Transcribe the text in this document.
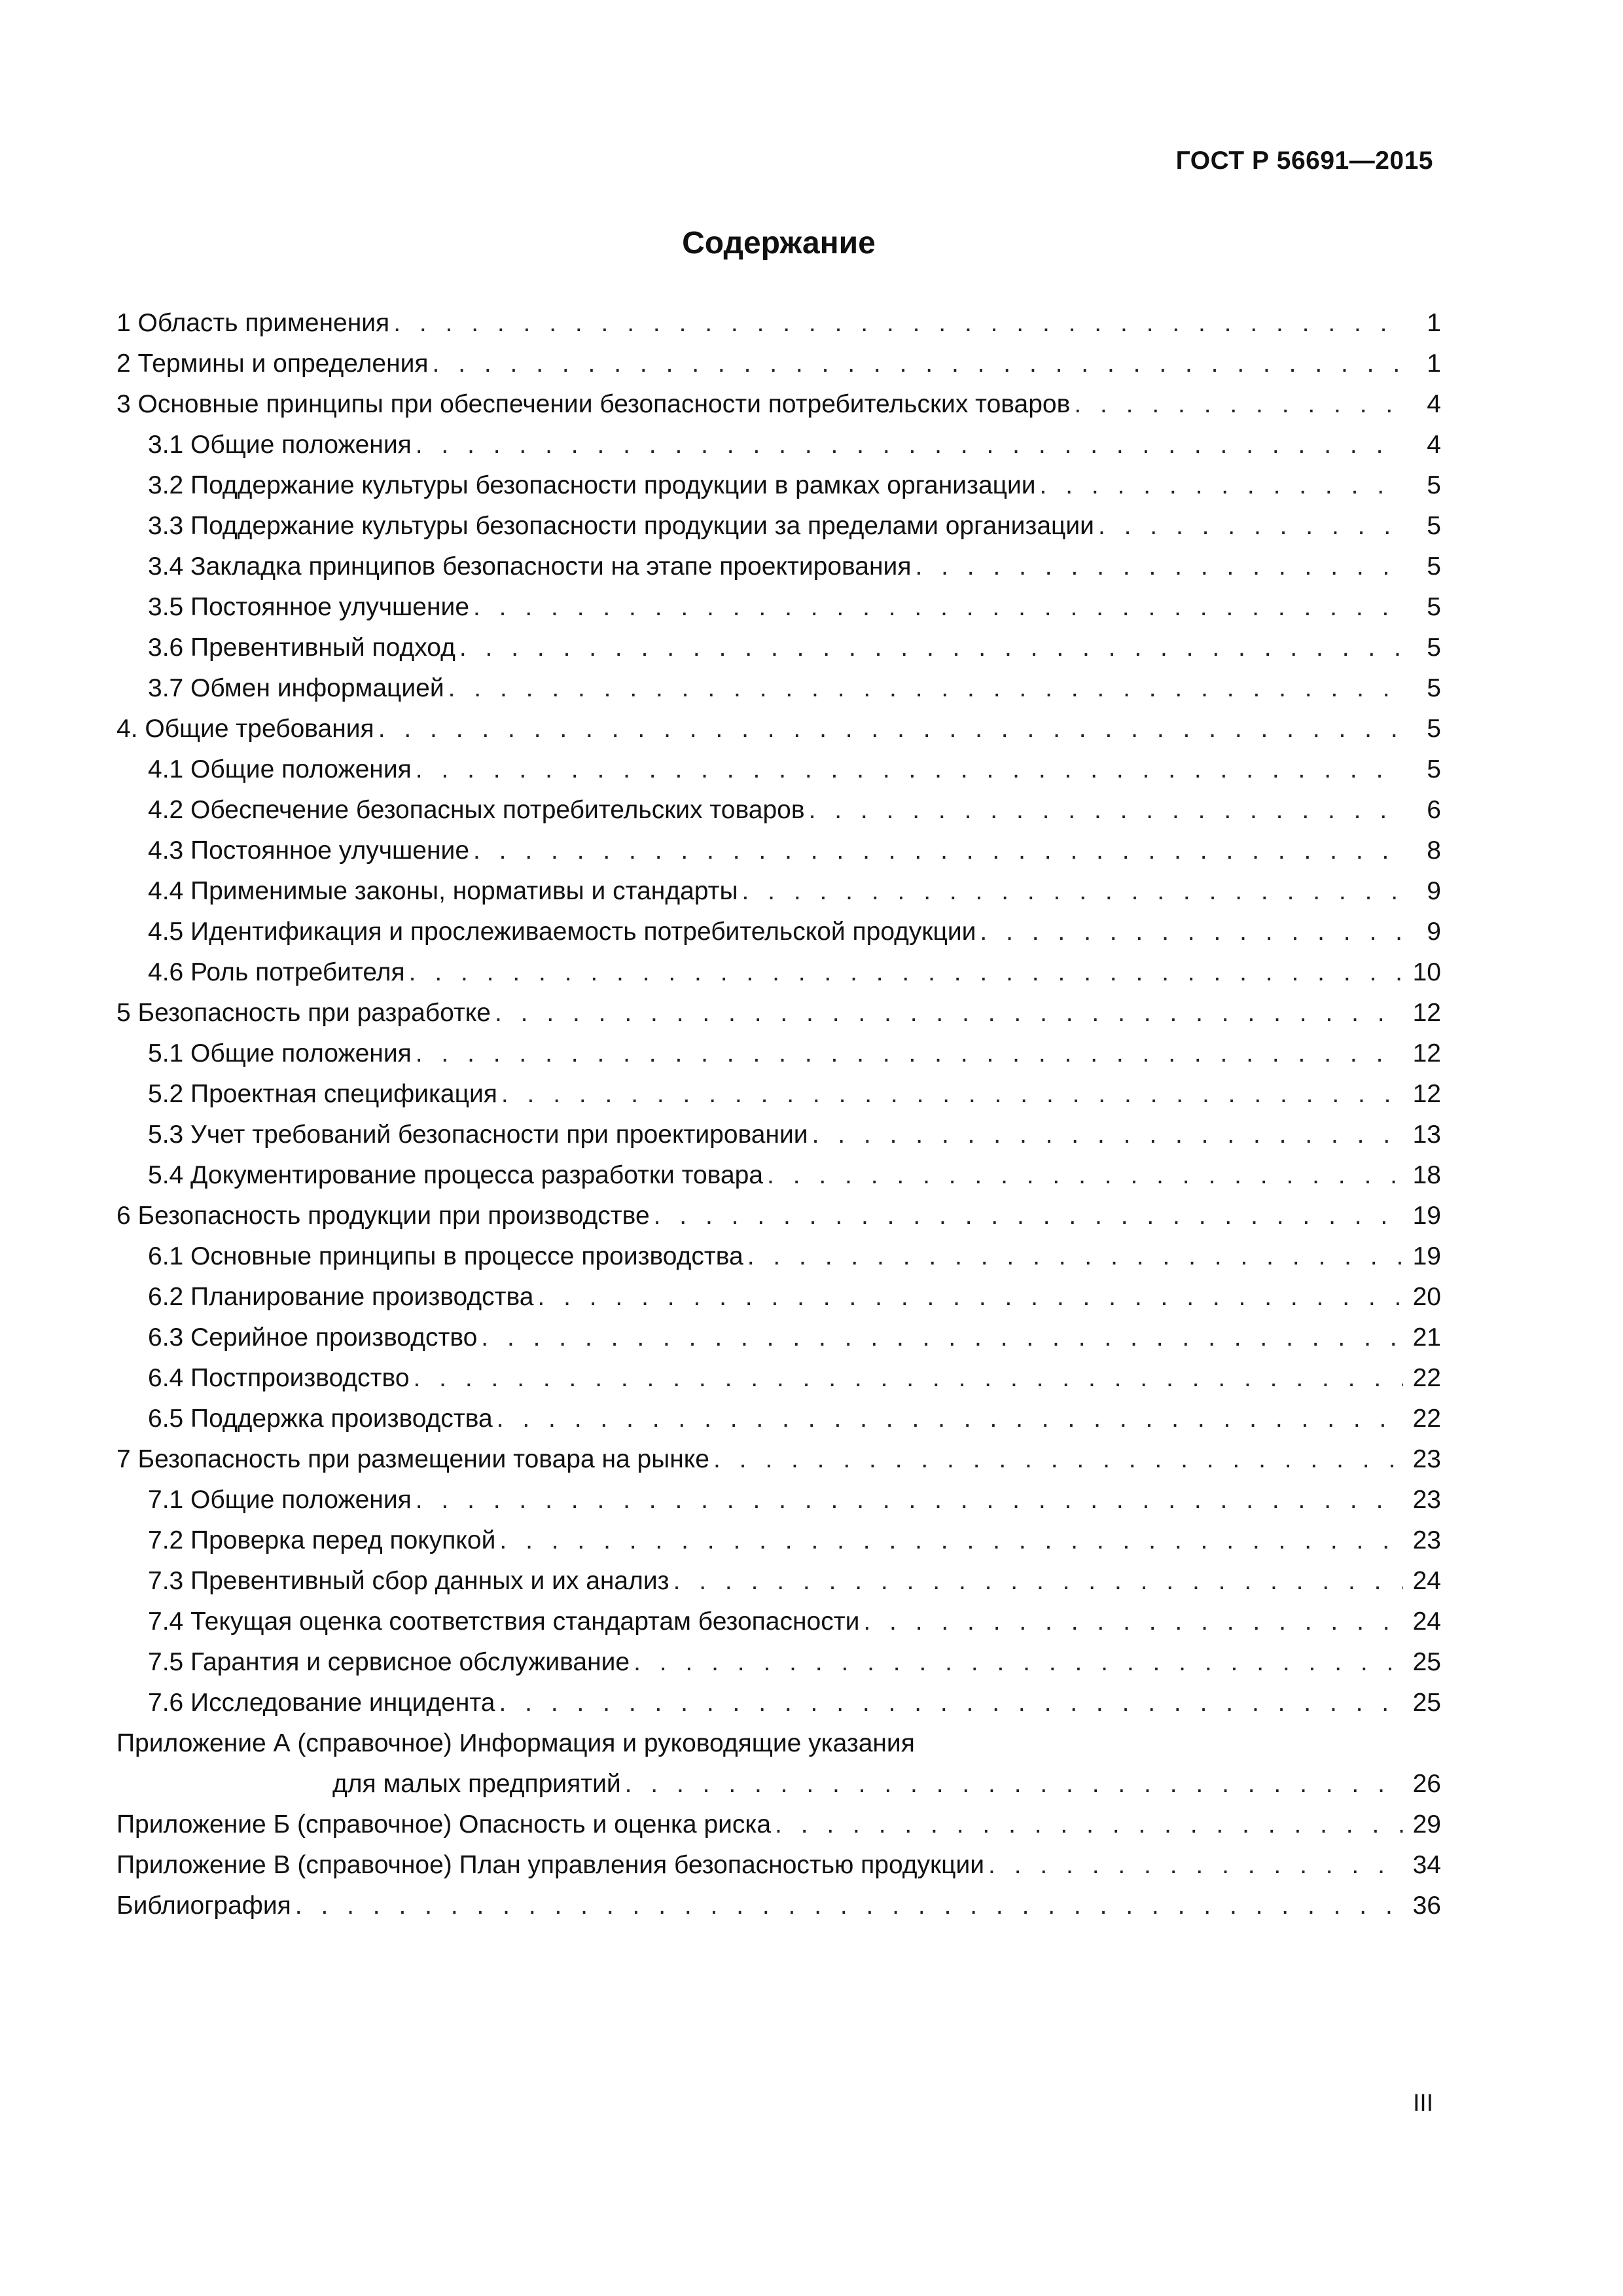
ГОСТ Р 56691—2015
Содержание
1 Область применения . . .	1
2 Термины и определения . . .	1
3 Основные принципы при обеспечении безопасности потребительских товаров . . .	4
3.1 Общие положения . . .	4
3.2 Поддержание культуры безопасности продукции в рамках организации . . .	5
3.3 Поддержание культуры безопасности продукции за пределами организации . . .	5
3.4 Закладка принципов безопасности на этапе проектирования . . .	5
3.5 Постоянное улучшение . . .	5
3.6 Превентивный подход . . .	5
3.7 Обмен информацией . . .	5
4. Общие требования . . .	5
4.1 Общие положения . . .	5
4.2 Обеспечение безопасных потребительских товаров . . .	6
4.3 Постоянное улучшение . . .	8
4.4 Применимые законы, нормативы и стандарты . . .	9
4.5 Идентификация и прослеживаемость потребительской продукции . . .	9
4.6 Роль потребителя . . .	10
5 Безопасность при разработке . . .	12
5.1 Общие положения . . .	12
5.2 Проектная спецификация . . .	12
5.3 Учет требований безопасности при проектировании . . .	13
5.4 Документирование процесса разработки товара . . .	18
6 Безопасность продукции при производстве . . .	19
6.1 Основные принципы в процессе производства . . .	19
6.2 Планирование производства . . .	20
6.3 Серийное производство . . .	21
6.4 Постпроизводство . . .	22
6.5 Поддержка производства . . .	22
7 Безопасность при размещении товара на рынке . . .	23
7.1 Общие положения . . .	23
7.2 Проверка перед покупкой . . .	23
7.3 Превентивный сбор данных и их анализ . . .	24
7.4 Текущая оценка соответствия стандартам безопасности . . .	24
7.5 Гарантия и сервисное обслуживание . . .	25
7.6 Исследование инцидента . . .	25
Приложение А (справочное) Информация и руководящие указания
для малых предприятий . . .	26
Приложение Б (справочное) Опасность и оценка риска . . .	29
Приложение В (справочное) План управления безопасностью продукции . . .	34
Библиография . . .	36
III
